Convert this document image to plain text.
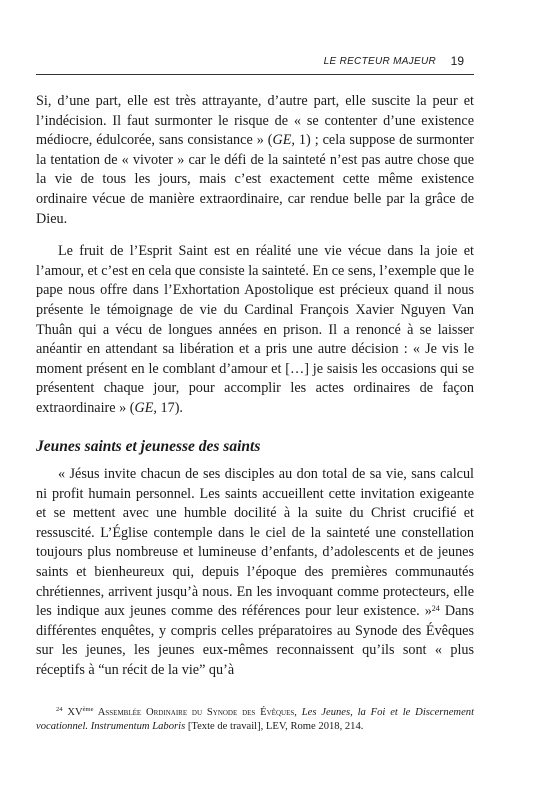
LE RECTEUR MAJEUR 19

Si, d’une part, elle est très attrayante, d’autre part, elle suscite la peur et l’indécision. Il faut surmonter le risque de « se contenter d’une existence médiocre, édulcorée, sans consistance » (GE, 1) ; cela suppose de surmonter la tentation de « vivoter » car le défi de la sainteté n’est pas autre chose que la vie de tous les jours, mais c’est exactement cette même existence ordinaire vécue de manière extraordinaire, car rendue belle par la grâce de Dieu.

Le fruit de l’Esprit Saint est en réalité une vie vécue dans la joie et l’amour, et c’est en cela que consiste la sainteté. En ce sens, l’exemple que le pape nous offre dans l’Exhortation Apostolique est précieux quand il nous présente le témoignage de vie du Cardinal François Xavier Nguyen Van Thuân qui a vécu de longues années en prison. Il a renoncé à se laisser anéantir en attendant sa libération et a pris une autre décision : « Je vis le moment présent en le comblant d’amour et […] je saisis les occasions qui se présentent chaque jour, pour accomplir les actes ordinaires de façon extraordinaire » (GE, 17).

Jeunes saints et jeunesse des saints

« Jésus invite chacun de ses disciples au don total de sa vie, sans calcul ni profit humain personnel. Les saints accueillent cette invitation exigeante et se mettent avec une humble docilité à la suite du Christ crucifié et ressuscité. L’Église contemple dans le ciel de la sainteté une constellation toujours plus nombreuse et lumineuse d’enfants, d’adolescents et de jeunes saints et bienheureux qui, depuis l’époque des premières communautés chrétiennes, arrivent jusqu’à nous. En les invoquant comme protecteurs, elle les indique aux jeunes comme des références pour leur existence. »$^{24}$ Dans différentes enquêtes, y compris celles préparatoires au Synode des Évêques sur les jeunes, les jeunes eux-mêmes reconnaissent qu’ils sont « plus réceptifs à “un récit de la vie” qu’à

$^{24}$ XVème Assemblée Ordinaire du Synode des Évêques, Les Jeunes, la Foi et le Discernement vocationnel. Instrumentum Laboris [Texte de travail], LEV, Rome 2018, 214.
